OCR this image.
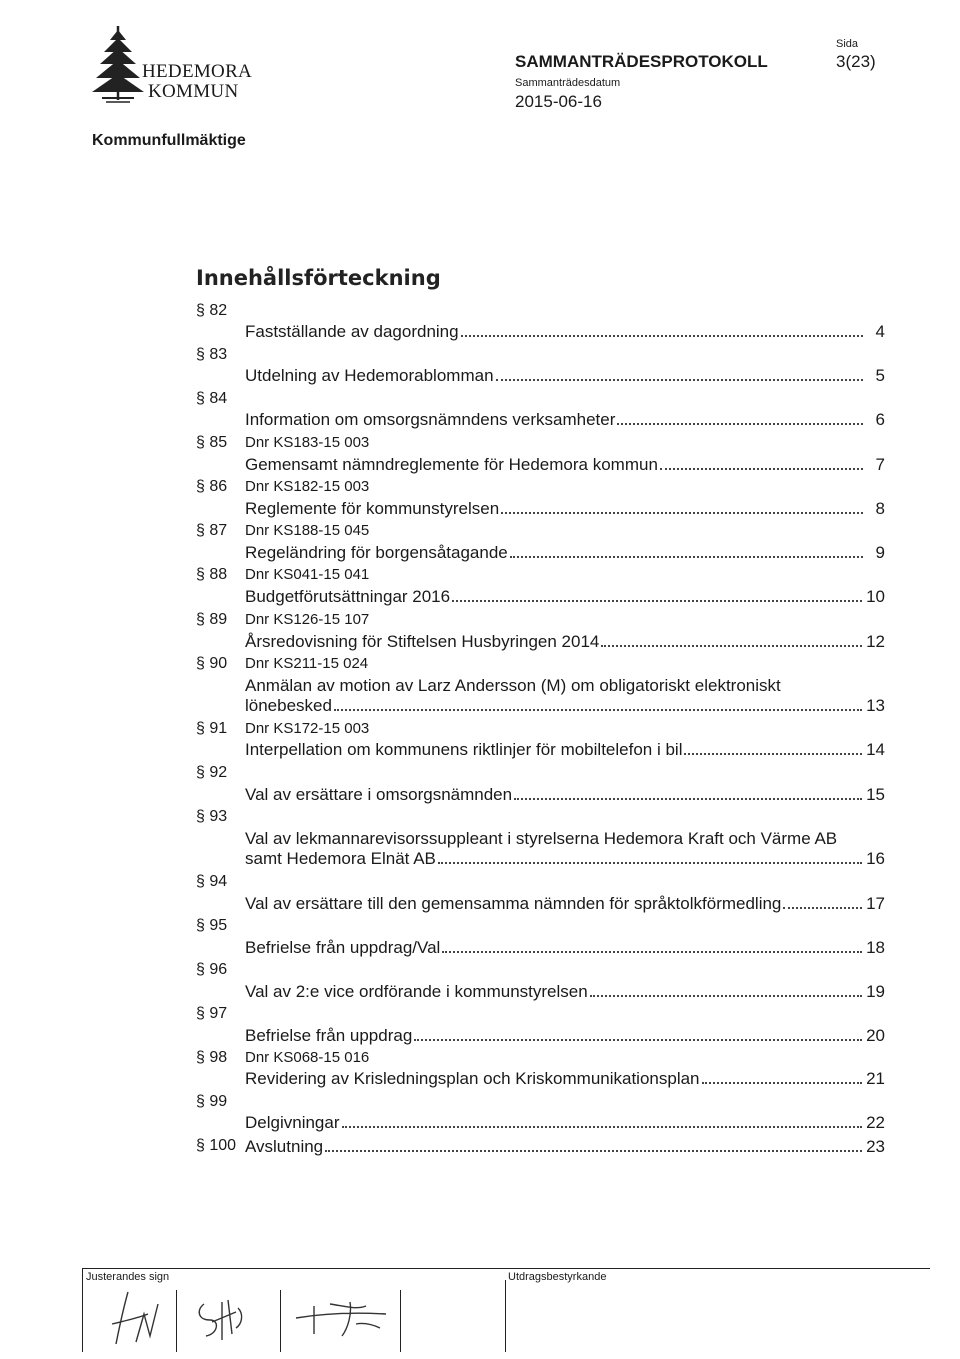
HEDEMORA
KOMMUN
SAMMANTRÄDESPROTOKOLL
Sammanträdesdatum
2015-06-16
Sida
3(23)
Kommunfullmäktige
Innehållsförteckning
§ 82
Fastställande av dagordning	4
§ 83
Utdelning av Hedemorablomman	5
§ 84
Information om omsorgsnämndens verksamheter	6
§ 85 Dnr KS183-15 003
Gemensamt nämndreglemente för Hedemora kommun	7
§ 86 Dnr KS182-15 003
Reglemente för kommunstyrelsen	8
§ 87 Dnr KS188-15 045
Regeländring för borgensåtagande	9
§ 88 Dnr KS041-15 041
Budgetförutsättningar 2016	10
§ 89 Dnr KS126-15 107
Årsredovisning för Stiftelsen Husbyringen 2014	12
§ 90 Dnr KS211-15 024
Anmälan av motion av Larz Andersson (M) om obligatoriskt elektroniskt
lönebesked	13
§ 91 Dnr KS172-15 003
Interpellation om kommunens riktlinjer för mobiltelefon i bil	14
§ 92
Val av ersättare i omsorgsnämnden	15
§ 93
Val av lekmannarevisorssuppleant i styrelserna Hedemora Kraft och Värme AB
samt Hedemora Elnät AB	16
§ 94
Val av ersättare till den gemensamma nämnden för språktolkförmedling	17
§ 95
Befrielse från uppdrag/Val	18
§ 96
Val av 2:e vice ordförande i kommunstyrelsen	19
§ 97
Befrielse från uppdrag	20
§ 98 Dnr KS068-15 016
Revidering av Krisledningsplan och Kriskommunikationsplan	21
§ 99
Delgivningar	22
§ 100 Avslutning	23
Justerandes sign	Utdragsbestyrkande
